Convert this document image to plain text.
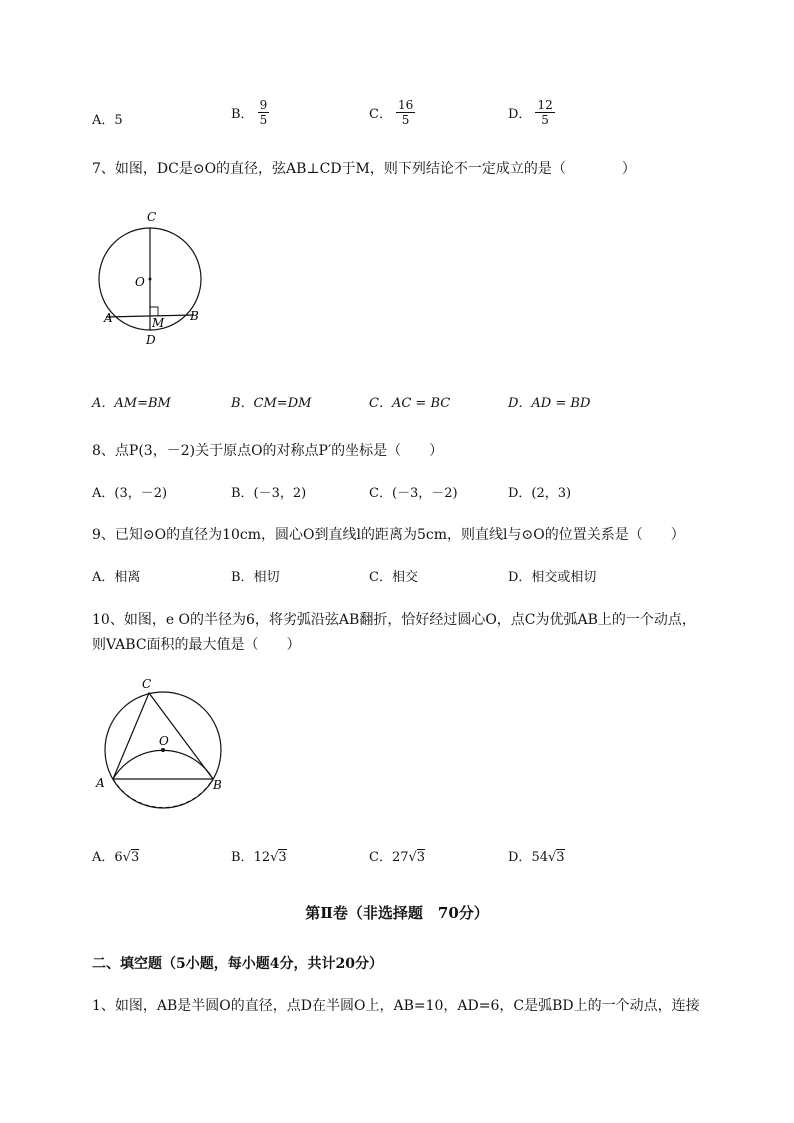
A．5	B． $\frac{9}{5}$	C． $\frac{16}{5}$	D． $\frac{12}{5}$
7、如图，DC是⊙O的直径，弦AB⊥CD于M，则下列结论不一定成立的是（　　　　）
C
O
A	M B
D
A．AM=BM	B．CM=DM	C．AC = BC	D．AD = BD
8、点P(3，－2)关于原点O的对称点P′的坐标是（　　）
A．(3，－2)	B．(－3，2)	C．(－3，－2)	D．(2，3)
9、已知⊙O的直径为10cm，圆心O到直线l的距离为5cm，则直线l与⊙O的位置关系是（　　）
A．相离	B．相切	C．相交	D．相交或相切
10、如图，e O的半径为6，将劣弧沿弦AB翻折，恰好经过圆心O，点C为优弧AB上的一个动点，
则VABC面积的最大值是（　　）
C
O
A	B
A．6√3	B．12√3	C．27√3	D．54√3
第Ⅱ卷（非选择题　70分）
二、填空题（5小题，每小题4分，共计20分）
1、如图，AB是半圆O的直径，点D在半圆O上，AB=10，AD=6，C是弧BD上的一个动点，连接
